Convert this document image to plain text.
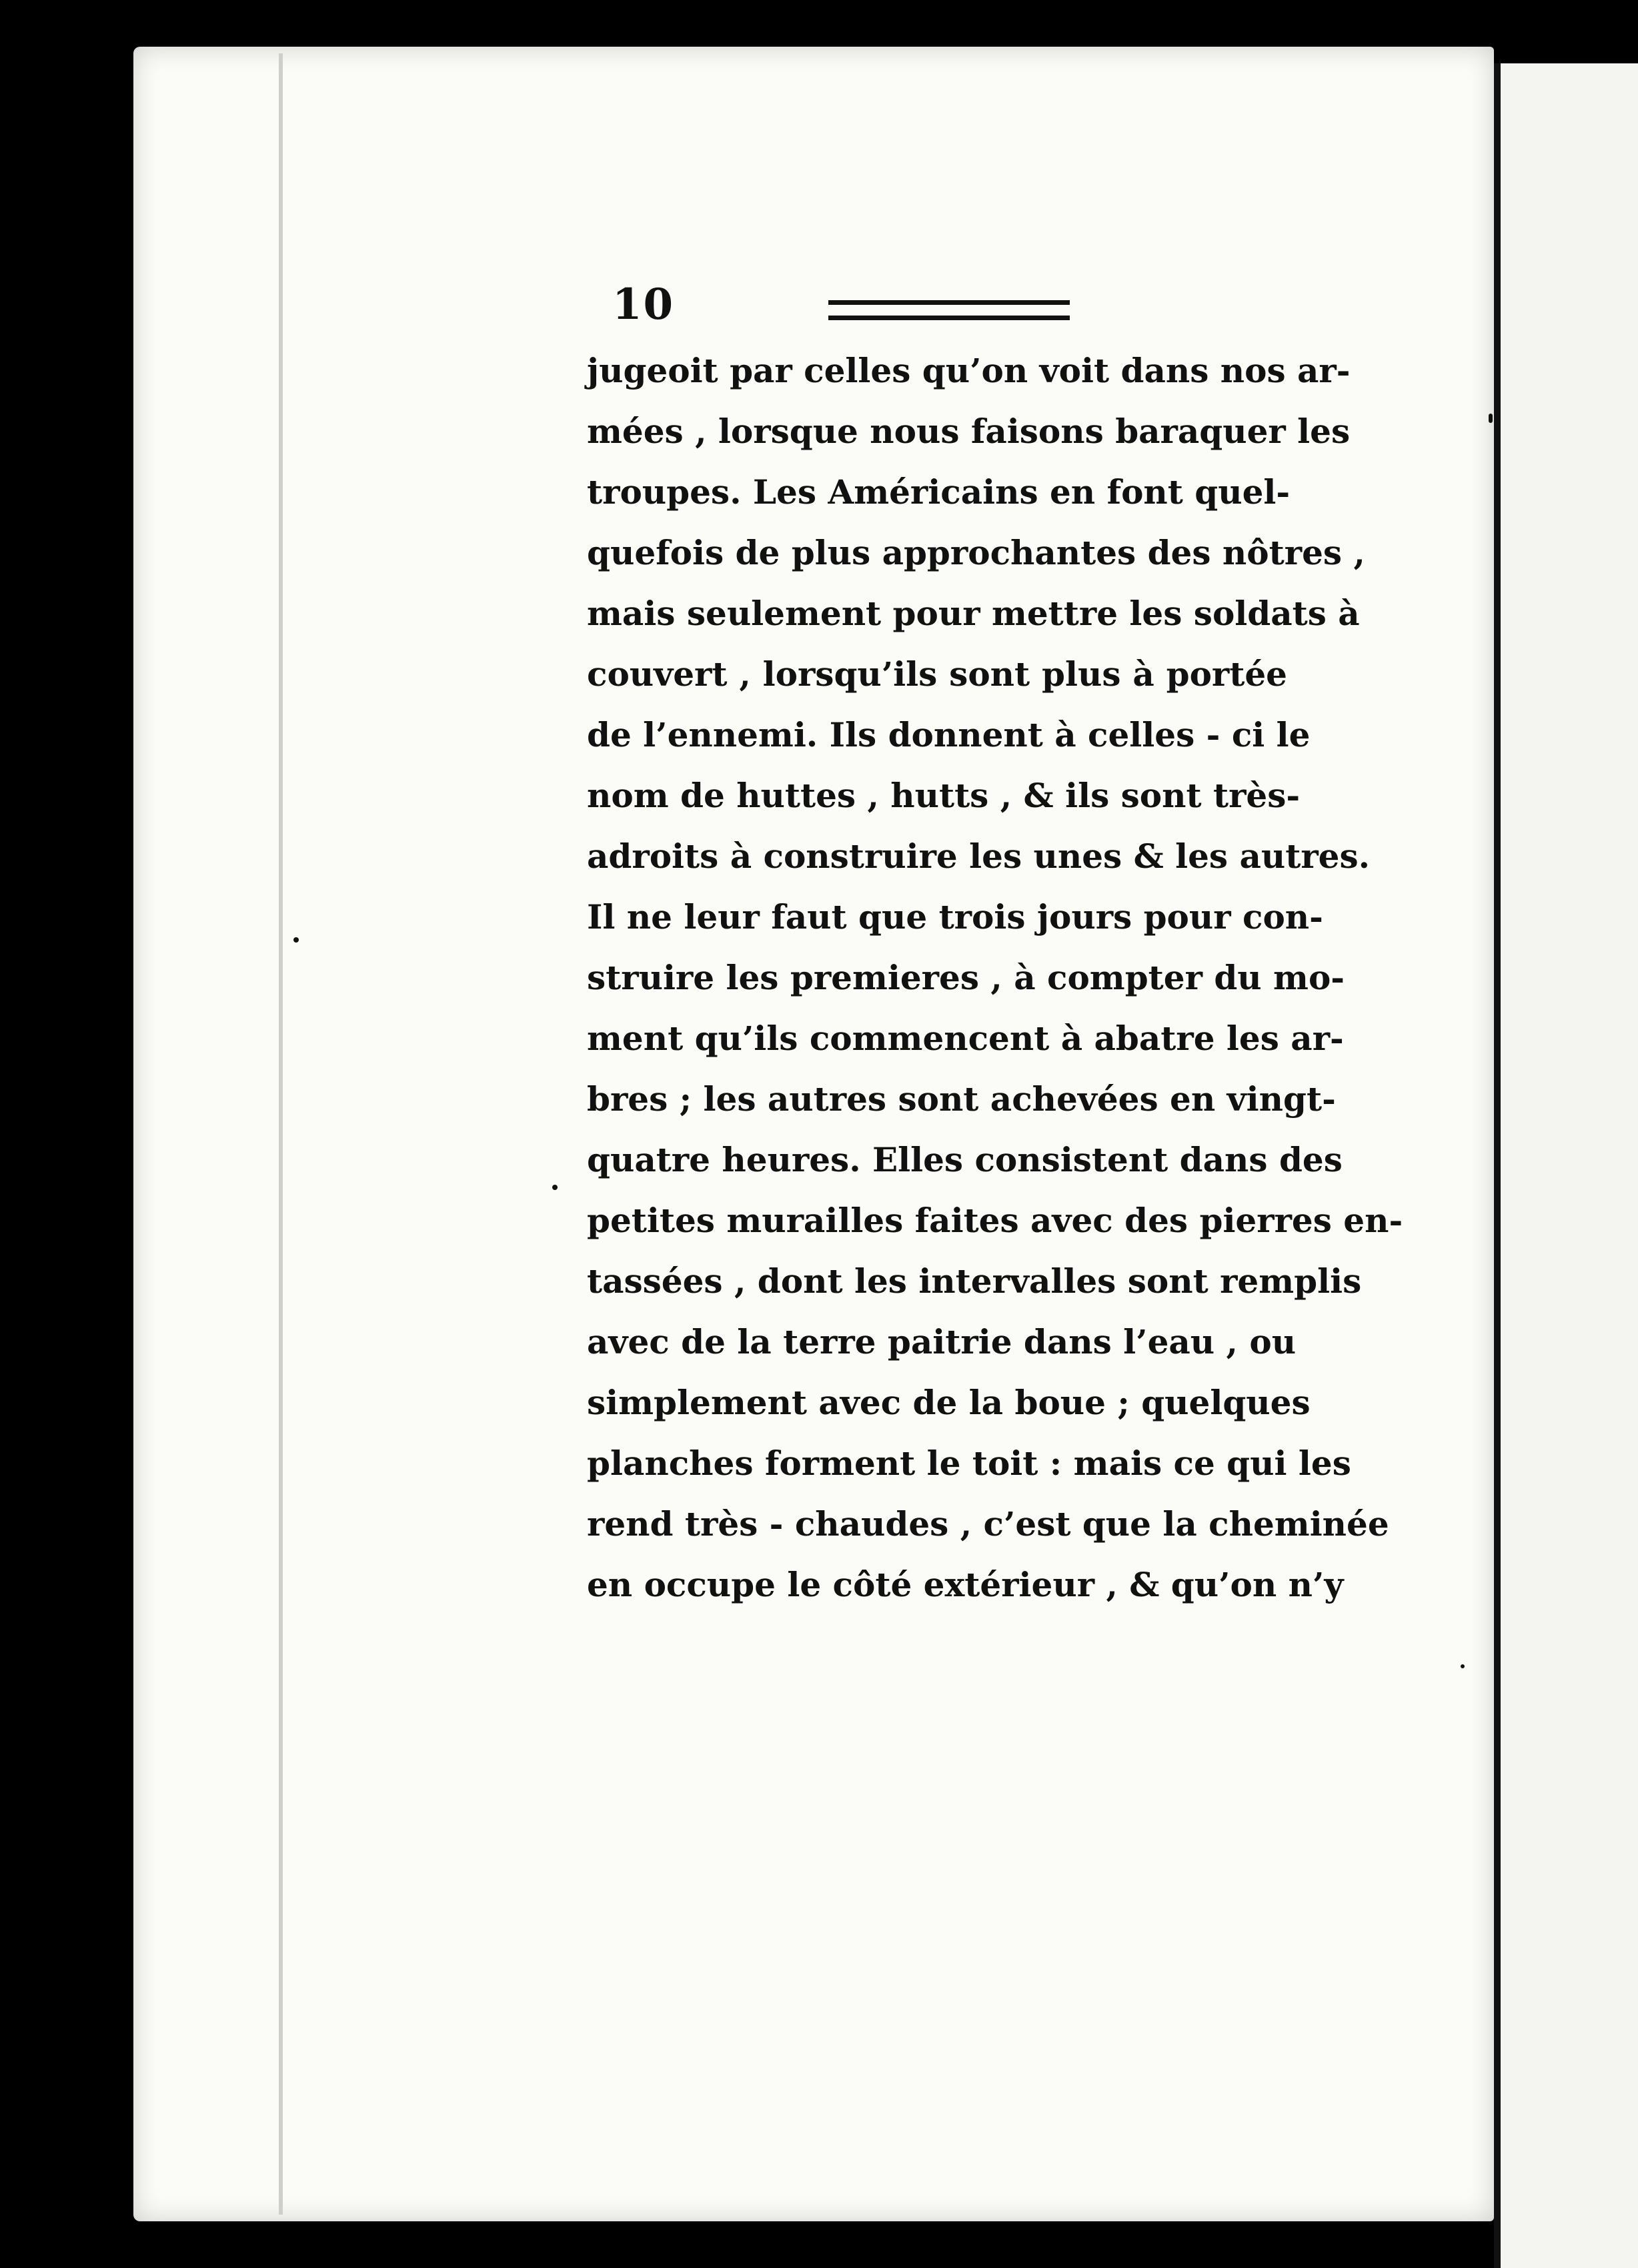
10
jugeoit par celles qu’on voit dans nos ar-
mées , lorsque nous faisons baraquer les
troupes. Les Américains en font quel-
quefois de plus approchantes des nôtres ,
mais seulement pour mettre les soldats à
couvert , lorsqu’ils sont plus à portée
de l’ennemi. Ils donnent à celles - ci le
nom de huttes , hutts , & ils sont très-
adroits à construire les unes & les autres.
Il ne leur faut que trois jours pour con-
struire les premieres , à compter du mo-
ment qu’ils commencent à abatre les ar-
bres ; les autres sont achevées en vingt-
quatre heures. Elles consistent dans des
petites murailles faites avec des pierres en-
tassées , dont les intervalles sont remplis
avec de la terre paitrie dans l’eau , ou
simplement avec de la boue ; quelques
planches forment le toit : mais ce qui les
rend très - chaudes , c’est que la cheminée
en occupe le côté extérieur , & qu’on n’y
